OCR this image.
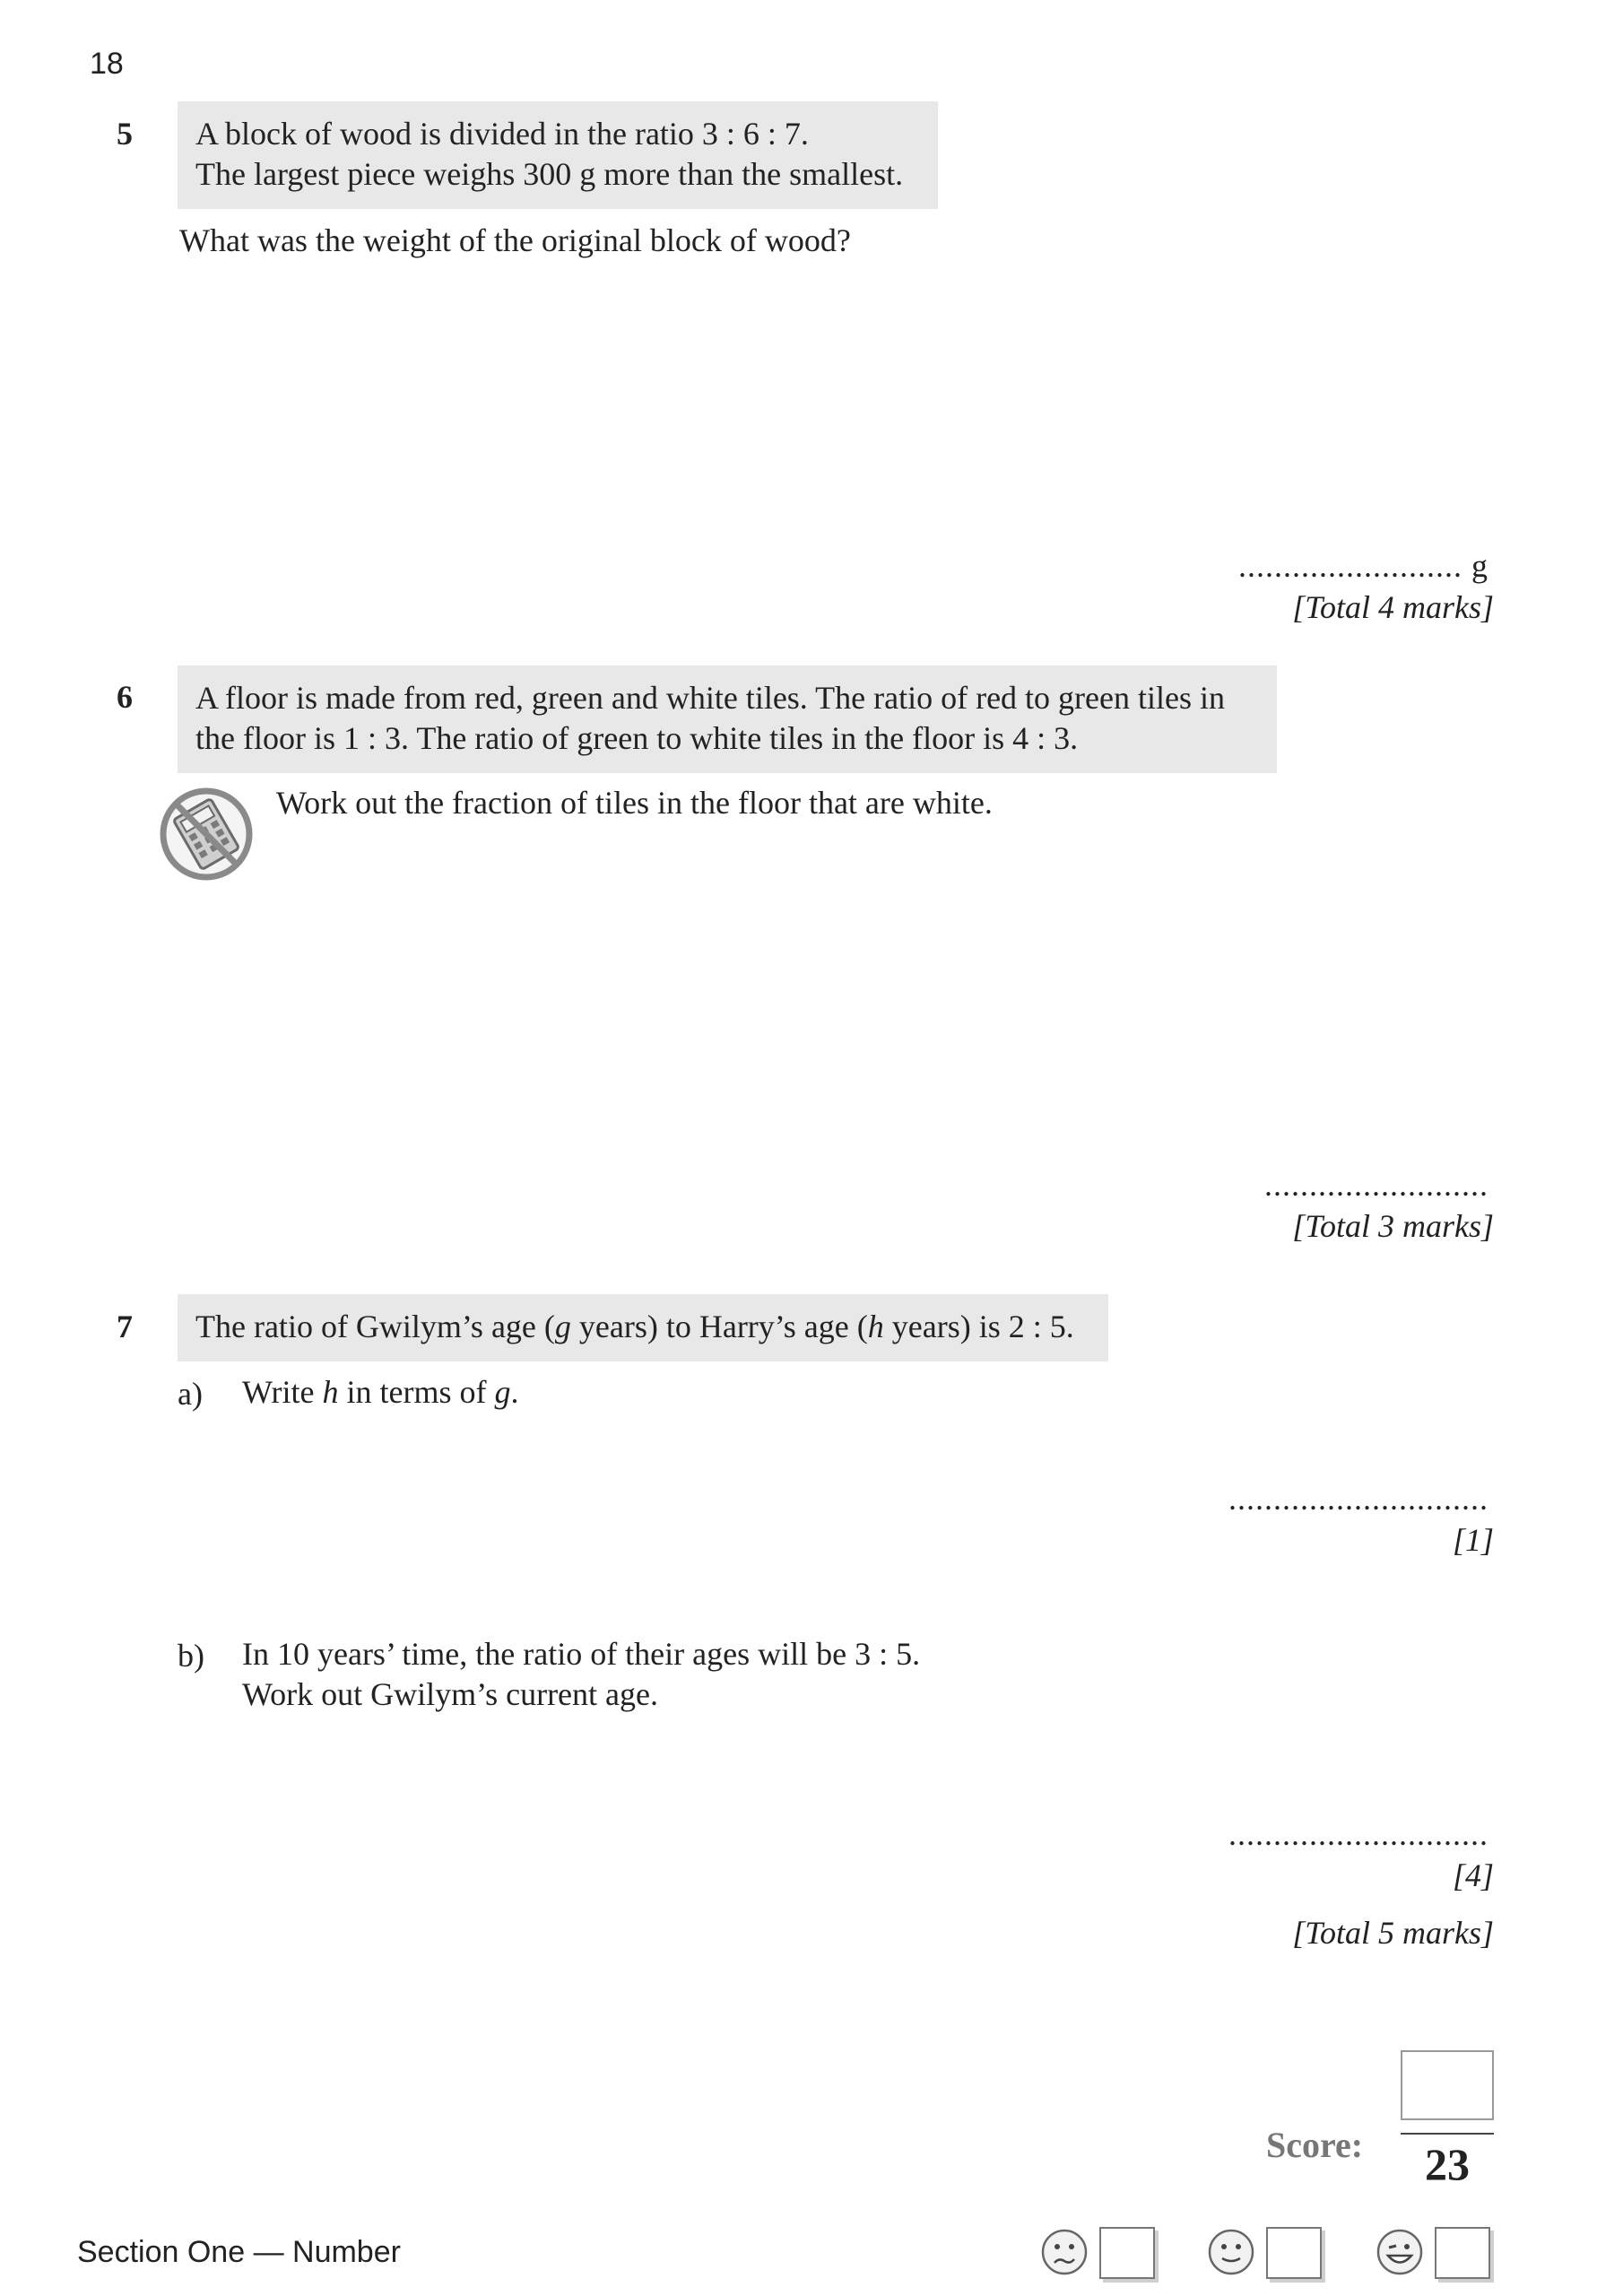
18
5 A block of wood is divided in the ratio 3 : 6 : 7.
The largest piece weighs 300 g more than the smallest.
What was the weight of the original block of wood?
......................... g
[Total 4 marks]
6 A floor is made from red, green and white tiles. The ratio of red to green tiles in
the floor is 1 : 3. The ratio of green to white tiles in the floor is 4 : 3.
Work out the fraction of tiles in the floor that are white.
.........................
[Total 3 marks]
7 The ratio of Gwilym’s age (g years) to Harry’s age (h years) is 2 : 5.
a) Write h in terms of g.
.............................
[1]
b) In 10 years’ time, the ratio of their ages will be 3 : 5.
Work out Gwilym’s current age.
.............................
[4]
[Total 5 marks]
Score:	23
Section One — Number
